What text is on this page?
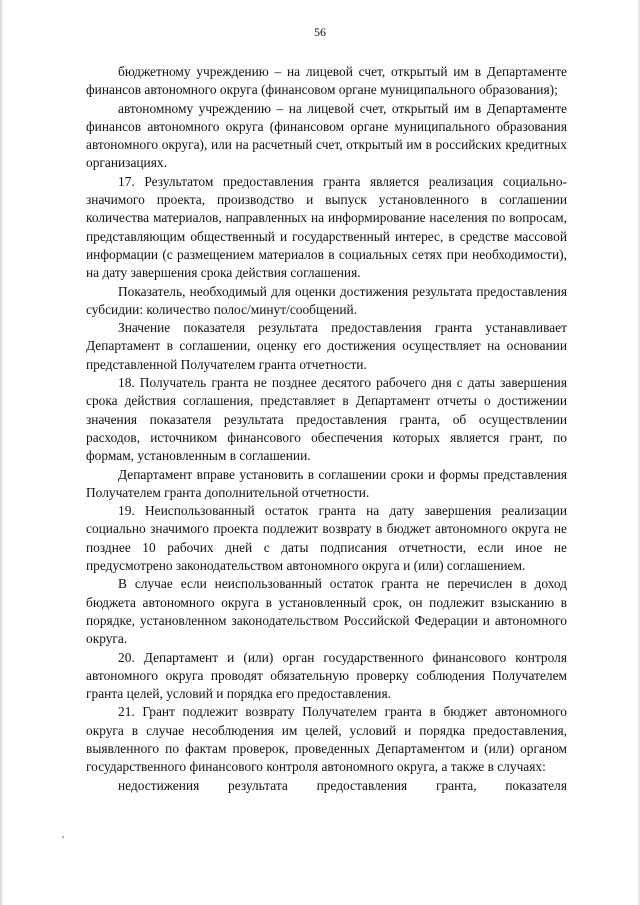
56

бюджетному учреждению – на лицевой счет, открытый им в Департаменте финансов автономного округа (финансовом органе муниципального образования);

автономному учреждению – на лицевой счет, открытый им в Департаменте финансов автономного округа (финансовом органе муниципального образования автономного округа), или на расчетный счет, открытый им в российских кредитных организациях.

17. Результатом предоставления гранта является реализация социально-значимого проекта, производство и выпуск установленного в соглашении количества материалов, направленных на информирование населения по вопросам, представляющим общественный и государственный интерес, в средстве массовой информации (с размещением материалов в социальных сетях при необходимости), на дату завершения срока действия соглашения.

Показатель, необходимый для оценки достижения результата предоставления субсидии: количество полос/минут/сообщений.

Значение показателя результата предоставления гранта устанавливает Департамент в соглашении, оценку его достижения осуществляет на основании представленной Получателем гранта отчетности.

18. Получатель гранта не позднее десятого рабочего дня с даты завершения срока действия соглашения, представляет в Департамент отчеты о достижении значения показателя результата предоставления гранта, об осуществлении расходов, источником финансового обеспечения которых является грант, по формам, установленным в соглашении.

Департамент вправе установить в соглашении сроки и формы представления Получателем гранта дополнительной отчетности.

19. Неиспользованный остаток гранта на дату завершения реализации социально значимого проекта подлежит возврату в бюджет автономного округа не позднее 10 рабочих дней с даты подписания отчетности, если иное не предусмотрено законодательством автономного округа и (или) соглашением.

В случае если неиспользованный остаток гранта не перечислен в доход бюджета автономного округа в установленный срок, он подлежит взысканию в порядке, установленном законодательством Российской Федерации и автономного округа.

20. Департамент и (или) орган государственного финансового контроля автономного округа проводят обязательную проверку соблюдения Получателем гранта целей, условий и порядка его предоставления.

21. Грант подлежит возврату Получателем гранта в бюджет автономного округа в случае несоблюдения им целей, условий и порядка предоставления, выявленного по фактам проверок, проведенных Департаментом и (или) органом государственного финансового контроля автономного округа, а также в случаях:

недостижения результата предоставления гранта, показателя
